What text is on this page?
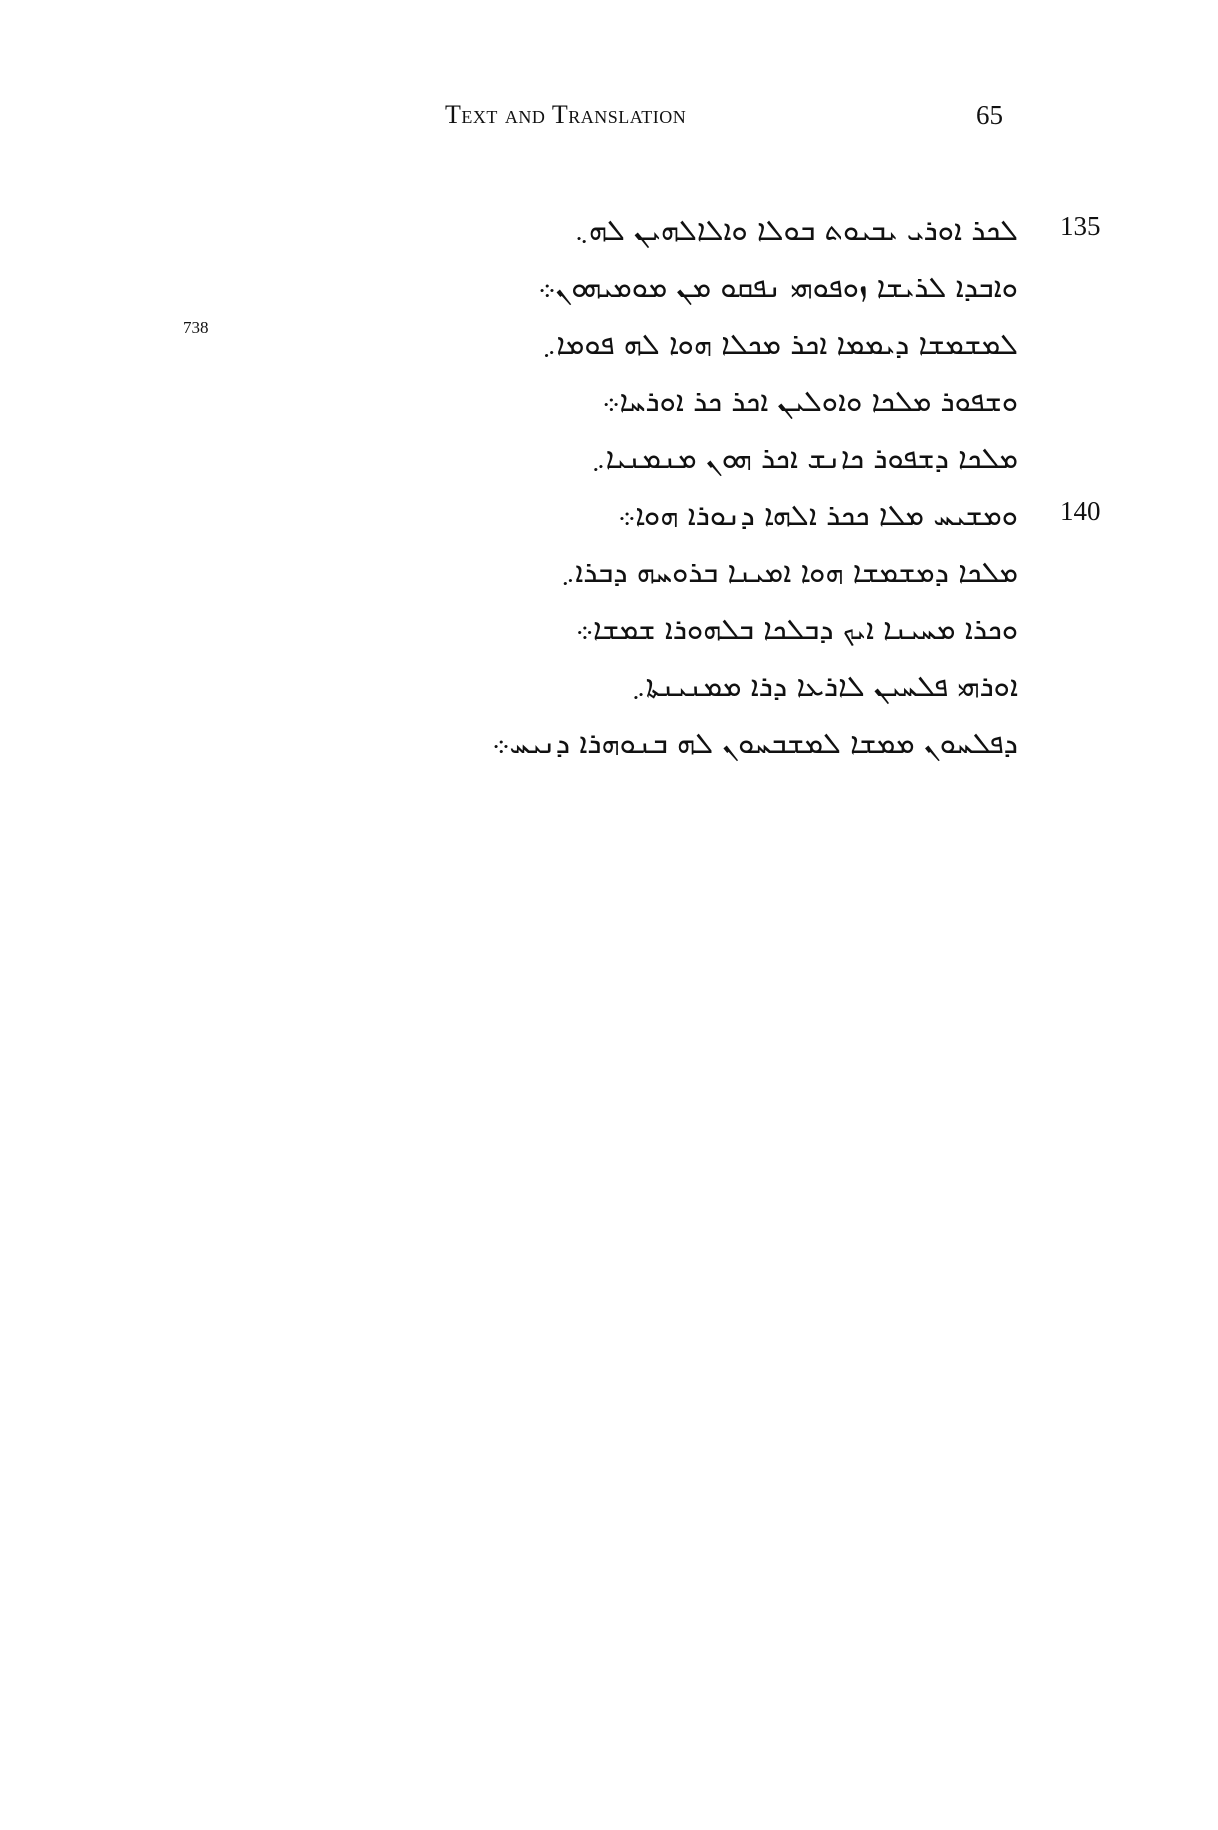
Text and Translation	65
738
135
140
ܠܟܪ ܐܘܪܝ ܝܒܝܘܬ ܒܘܠܐ ܘܐܠܐܠܗܝܢ ܠܗ܆
ܘܐܒܕܐ ܠܪܝܫܐ ܙܘܦܘܗܝ ܢܦܩܘ ܡܢ ܡܘܡܝܗܘܢ܀
ܠܡܫܡܫܐ ܕܝܡܡܐ ܐܟܪ ܡܟܠܐ ܗܘܐ ܠܗ ܦܘܡܐ܇
ܘܫܦܘܪ ܡܠܟܐ ܘܐܘܠܝܢ ܐܟܪ ܟܪ ܐܘܪܚܐ܀
ܡܠܟܐ ܕܫܦܘܪ ܟܐܢܫ ܐܟܪ ܗܘܢ ܡܢܡܢܝܐ܇
ܘܡܫܝܚ ܡܠܐ ܟܟܪ ܐܠܗܐ ܕܢܘܪܐ ܗܘܐ܀
ܡܠܟܐ ܕܡܫܡܫܐ ܗܘܐ ܐܡܝܢܐ ܒܪܘܚܗ ܕܒܪܐ܇
ܘܟܪܐ ܡܚܝܢܐ ܐܝܟ ܕܒܠܟܐ ܒܠܗܘܪܐ ܫܡܫܐ܀
ܐܘܪܗܝ ܦܠܚܝܢ ܠܐܪܥܐ ܕܪܐ ܡܡܢܝܢܬܐ܇
ܕܦܠܚܘܢ ܡܡܫܐ ܠܡܫܒܚܘܢ ܠܗ ܒܢܘܗܪܐ ܕܢܝܚ܀
